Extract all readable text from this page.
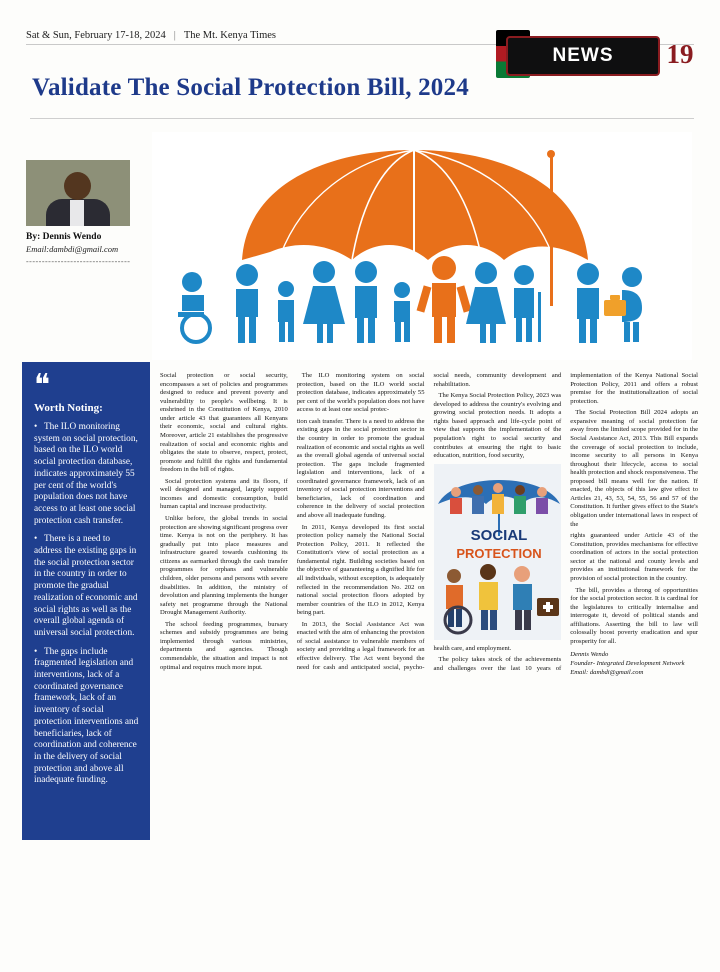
Sat & Sun, February 17-18, 2024 | The Mt. Kenya Times
NEWS 19
Validate The Social Protection Bill, 2024
By: Dennis Wendo
Email:dambdi@gmail.com
---------------------------------
❝
Worth Noting:

• The ILO monitoring system on social protection, based on the ILO world social protection database, indicates approximately 55 per cent of the world's population does not have access to at least one social protection cash transfer.

• There is a need to address the existing gaps in the social protection sector in the country in order to promote the gradual realization of economic and social rights as well as the overall global agenda of universal social protection.

• The gaps include fragmented legislation and interventions, lack of a coordinated governance framework, lack of an inventory of social protection interventions and beneficiaries, lack of coordination and coherence in the delivery of social protection and above all inadequate funding.

Social protection or social security, encompasses a set of policies and programmes designed to reduce and prevent poverty and vulnerability to people's wellbeing. It is enshrined in the Constitution of Kenya, 2010 under article 43 that guarantees all Kenyans their economic, social and cultural rights. Moreover, article 21 establishes the progressive realization of social and economic rights and obligates the state to observe, respect, protect, promote and fulfill the rights and fundamental freedom in the bill of rights.

Social protection systems and its floors, if well designed and managed, largely support incomes and domestic consumption, build human capital and increase productivity.

Unlike before, the global trends in social protection are showing significant progress over time. Kenya is not on the periphery. It has gradually put into place measures and infrastructure geared towards cushioning its citizens as earmarked through the cash transfer programmes for orphans and vulnerable children, older persons and persons with severe disabilities. In addition, the ministry of devolution and planning implements the hunger safety net programme through the National Drought Management Authority.

The school feeding programmes, bursary schemes and subsidy programmes are being implemented through various ministries, departments and agencies. Though commendable, the situation and impact is not optimal and requires much more input.

The ILO monitoring system on social protection, based on the ILO world social protection database, indicates approximately 55 per cent of the world's population does not have access to at least one social protec-

tion cash transfer. There is a need to address the existing gaps in the social protection sector in the country in order to promote the gradual realization of economic and social rights as well as the overall global agenda of universal social protection. The gaps include fragmented legislation and interventions, lack of a coordinated governance framework, lack of an inventory of social protection interventions and beneficiaries, lack of coordination and coherence in the delivery of social protection and above all inadequate funding.

In 2011, Kenya developed its first social protection policy namely the National Social Protection Policy, 2011. It reflected the Constitution's view of social protection as a fundamental right. Building societies based on the objective of guaranteeing a dignified life for all individuals, without exception, is adequately reflected in the recommendation No. 202 on national social protection floors adopted by member countries of the ILO in 2012, Kenya being part.

In 2013, the Social Assistance Act was enacted with the aim of enhancing the provision of social assistance to vulnerable members of society and providing a legal framework for an effective delivery. The Act went beyond the need for cash and anticipated social, psycho-social needs, community development and rehabilitation.

The Kenya Social Protection Policy, 2023 was developed to address the country's evolving and growing social protection needs. It adopts a rights based approach and life-cycle point of view that supports the implementation of the population's right to social security and contributes at ensuring the right to basic education, nutrition, food security,

SOCIAL
PROTECTION

health care, and employment.

The policy takes stock of the achievements and challenges over the last 10 years of implementation of the Kenya National Social Protection Policy, 2011 and offers a robust premise for the institutionalization of social protection.

The Social Protection Bill 2024 adopts an expansive meaning of social protection far away from the limited scope provided for in the Social Assistance Act, 2013. This Bill expands the coverage of social protection to include, income security to all persons in Kenya throughout their lifecycle, access to social health protection and shock responsiveness. The proposed bill means well for the nation. If enacted, the objects of this law give effect to Articles 21, 43, 53, 54, 55, 56 and 57 of the Constitution. It further gives effect to the State's obligation under international laws in respect of the

rights guaranteed under Article 43 of the Constitution, provides mechanisms for effective coordination of actors in the social protection sector at the national and county levels and provides an institutional framework for the provision of social protection in the country.

The bill, provides a throng of opportunities for the social protection sector. It is cardinal for the legislatures to critically internalise and interrogate it, devoid of political stands and affiliations. Asserting the bill to law will colossally boost poverty eradication and spur prosperity for all.

Dennis Wendo
Founder- Integrated Development Network
Email: dambdi@gmail.com
